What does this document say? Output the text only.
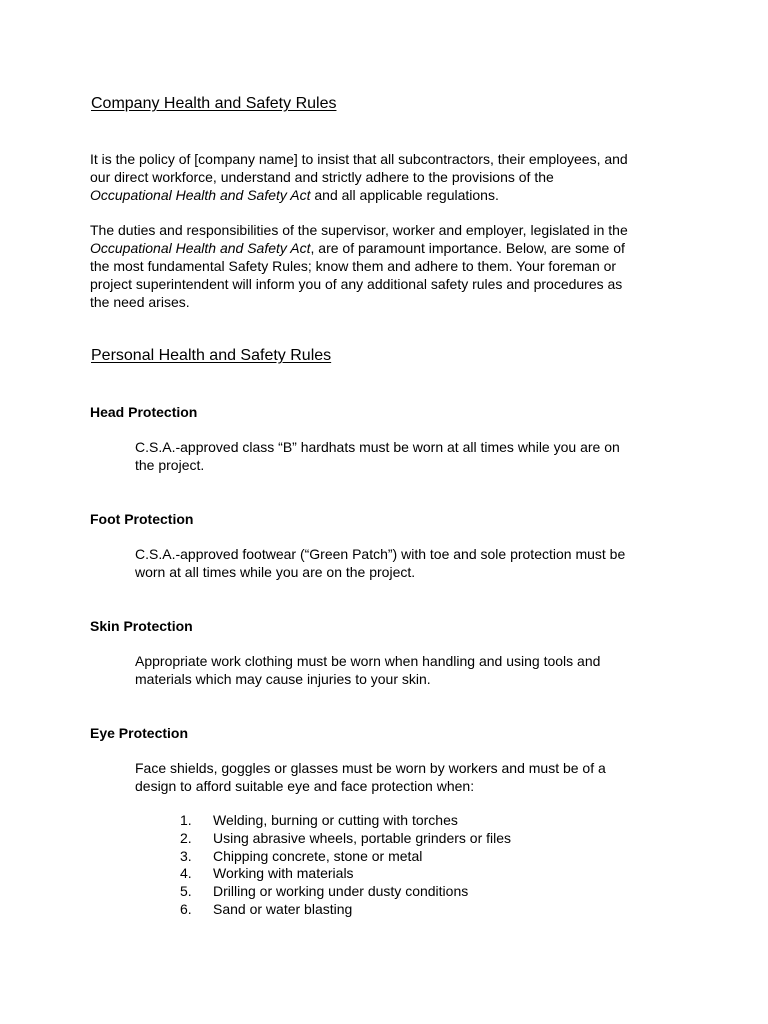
Company Health and Safety Rules
It is the policy of [company name] to insist that all subcontractors, their employees, and
our direct workforce, understand and strictly adhere to the provisions of the
Occupational Health and Safety Act and all applicable regulations.
The duties and responsibilities of the supervisor, worker and employer, legislated in the
Occupational Health and Safety Act, are of paramount importance. Below, are some of
the most fundamental Safety Rules; know them and adhere to them. Your foreman or
project superintendent will inform you of any additional safety rules and procedures as
the need arises.
Personal Health and Safety Rules
Head Protection
C.S.A.-approved class “B” hardhats must be worn at all times while you are on
the project.
Foot Protection
C.S.A.-approved footwear (“Green Patch”) with toe and sole protection must be
worn at all times while you are on the project.
Skin Protection
Appropriate work clothing must be worn when handling and using tools and
materials which may cause injuries to your skin.
Eye Protection
Face shields, goggles or glasses must be worn by workers and must be of a
design to afford suitable eye and face protection when:
1.	Welding, burning or cutting with torches
2.	Using abrasive wheels, portable grinders or files
3.	Chipping concrete, stone or metal
4.	Working with materials
5.	Drilling or working under dusty conditions
6.	Sand or water blasting
